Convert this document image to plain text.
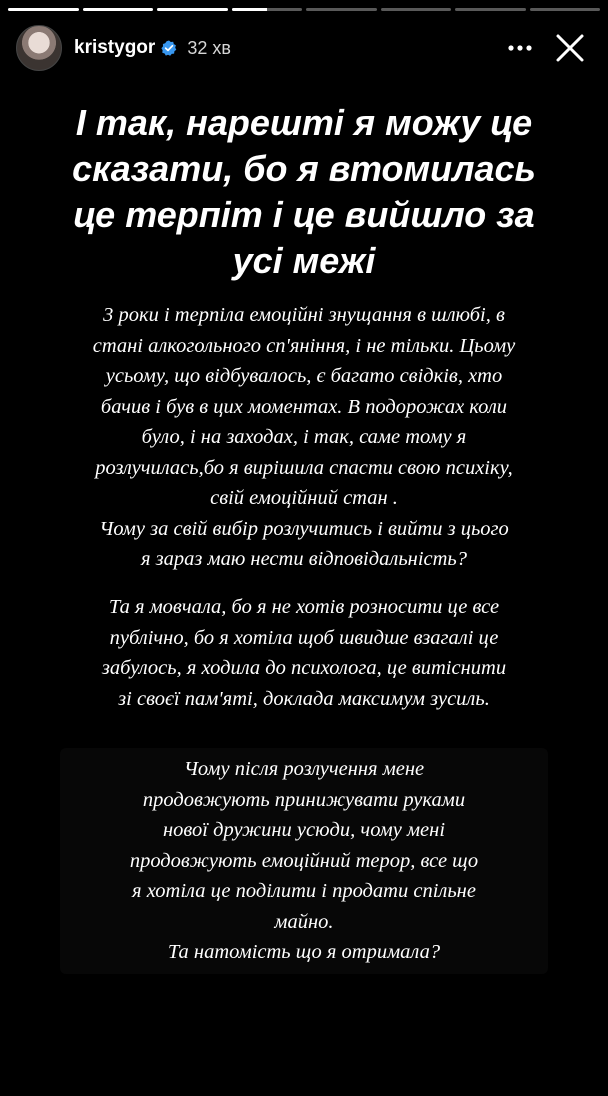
kristygor 32 хв
І так, нарешті я можу це
сказати, бо я втомилась
це терпіт і це вийшло за
усі межі
3 роки і терпіла емоційні знущання в шлюбі, в
стані алкогольного сп'яніння, і не тільки. Цьому
усьому, що відбувалось, є багато свідків, хто
бачив і був в цих моментах. В подорожах коли
було, і на заходах, і так, саме тому я
розлучилась,бо я вирішила спасти свою психіку,
свій емоційний стан .
Чому за свій вибір розлучитись і вийти з цього
я зараз маю нести відповідальність?
Та я мовчала, бо я не хотів розносити це все
публічно, бо я хотіла щоб швидше взагалі це
забулось, я ходила до психолога, це витіснити
зі своєї пам'яті, доклада максимум зусиль.
Чому після розлучення мене
продовжують принижувати руками
нової дружини усюди, чому мені
продовжують емоційний терор, все що
я хотіла це поділити і продати спільне
майно.
Та натомість що я отримала?
